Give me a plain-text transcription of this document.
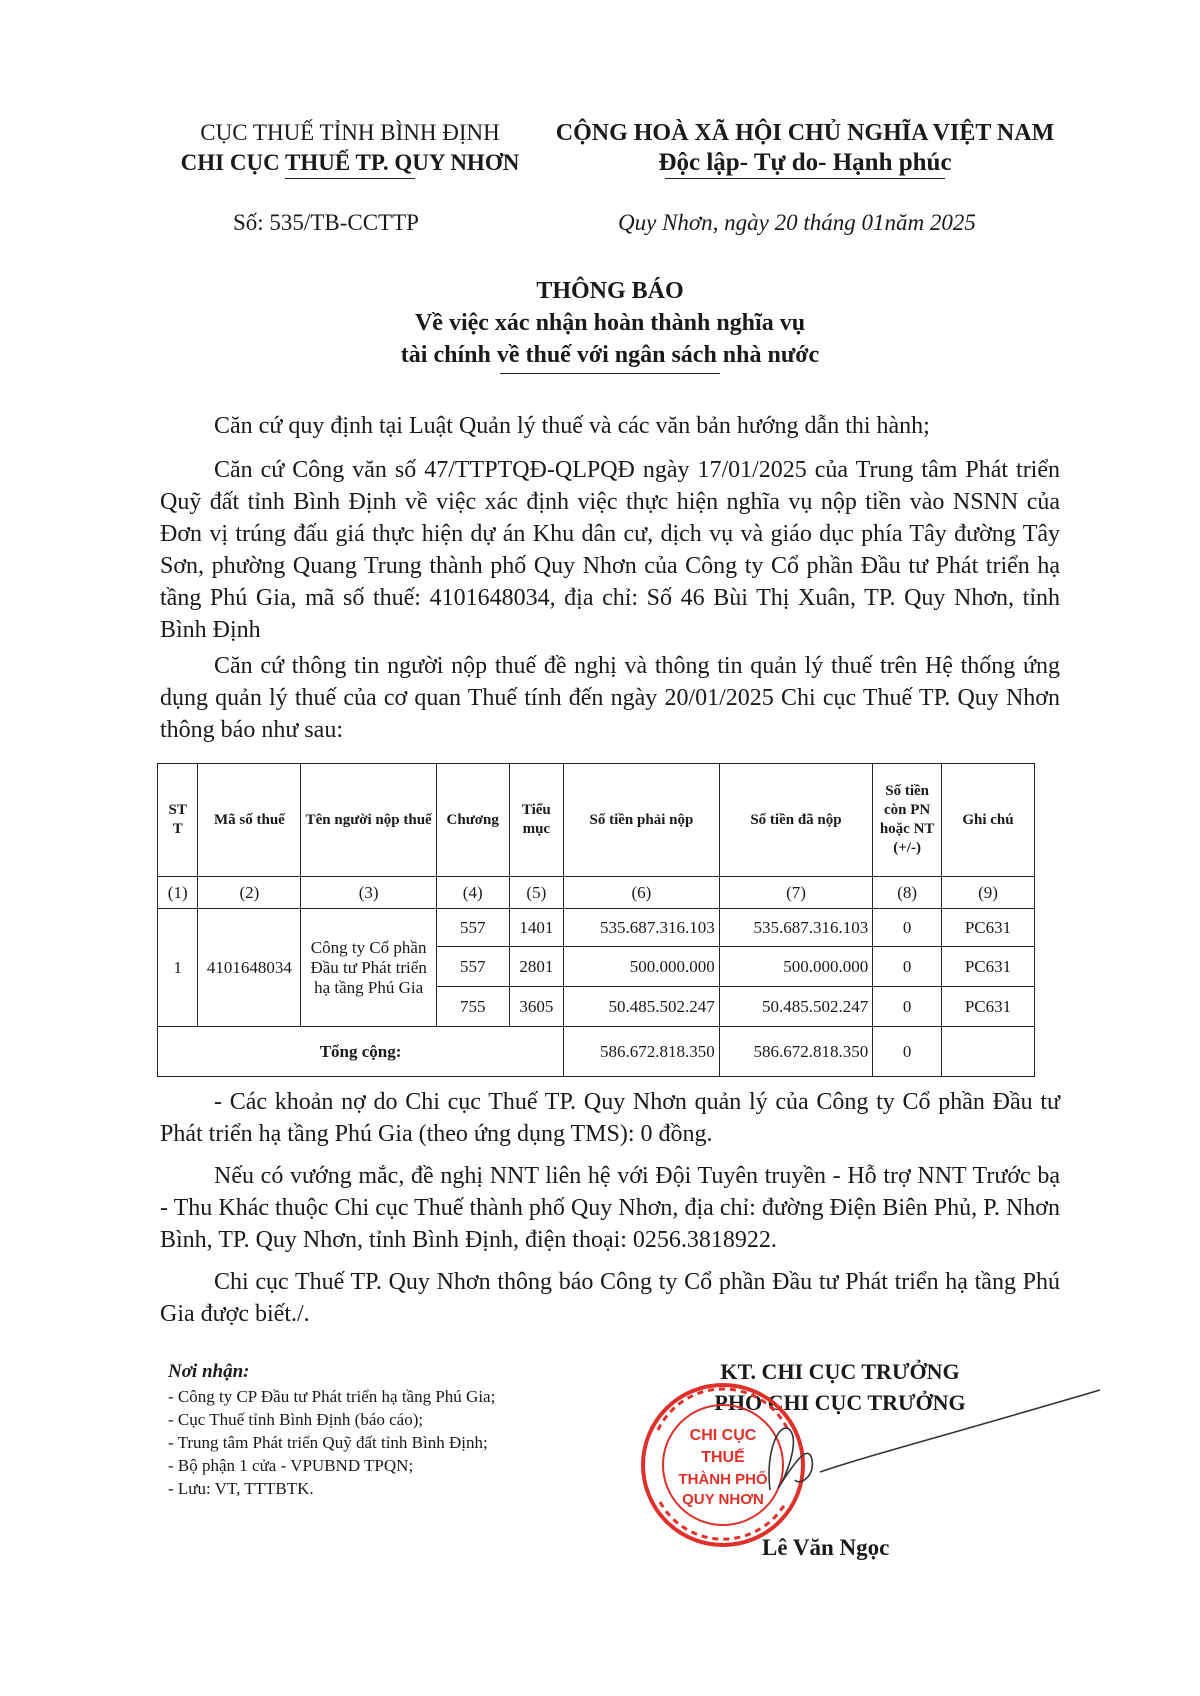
CỤC THUẾ TỈNH BÌNH ĐỊNH
CHI CỤC THUẾ TP. QUY NHƠN
CỘNG HOÀ XÃ HỘI CHỦ NGHĨA VIỆT NAM
Độc lập- Tự do- Hạnh phúc
Số: 535/TB-CCTTP	Quy Nhơn, ngày 20 tháng 01năm 2025
THÔNG BÁO
Về việc xác nhận hoàn thành nghĩa vụ
tài chính về thuế với ngân sách nhà nước
Căn cứ quy định tại Luật Quản lý thuế và các văn bản hướng dẫn thi hành;
Căn cứ Công văn số 47/TTPTQĐ-QLPQĐ ngày 17/01/2025 của Trung tâm Phát triển Quỹ đất tỉnh Bình Định về việc xác định việc thực hiện nghĩa vụ nộp tiền vào NSNN của Đơn vị trúng đấu giá thực hiện dự án Khu dân cư, dịch vụ và giáo dục phía Tây đường Tây Sơn, phường Quang Trung thành phố Quy Nhơn của Công ty Cổ phần Đầu tư Phát triển hạ tầng Phú Gia, mã số thuế: 4101648034, địa chỉ: Số 46 Bùi Thị Xuân, TP. Quy Nhơn, tỉnh Bình Định
Căn cứ thông tin người nộp thuế đề nghị và thông tin quản lý thuế trên Hệ thống ứng dụng quản lý thuế của cơ quan Thuế tính đến ngày 20/01/2025 Chi cục Thuế TP. Quy Nhơn thông báo như sau:
ST T	Mã số thuế	Tên người nộp thuế	Chương	Tiểu mục	Số tiền phải nộp	Số tiền đã nộp	Số tiền còn PN hoặc NT (+/-)	Ghi chú
(1)	(2)	(3)	(4)	(5)	(6)	(7)	(8)	(9)
1	4101648034	Công ty Cổ phần Đầu tư Phát triển hạ tầng Phú Gia	557	1401	535.687.316.103	535.687.316.103	0	PC631
			557	2801	500.000.000	500.000.000	0	PC631
			755	3605	50.485.502.247	50.485.502.247	0	PC631
Tổng cộng:					586.672.818.350	586.672.818.350	0	
- Các khoản nợ do Chi cục Thuế TP. Quy Nhơn quản lý của Công ty Cổ phần Đầu tư Phát triển hạ tầng Phú Gia (theo ứng dụng TMS): 0 đồng.
Nếu có vướng mắc, đề nghị NNT liên hệ với Đội Tuyên truyền - Hỗ trợ NNT Trước bạ - Thu Khác thuộc Chi cục Thuế thành phố Quy Nhơn, địa chỉ: đường Điện Biên Phủ, P. Nhơn Bình, TP. Quy Nhơn, tỉnh Bình Định, điện thoại: 0256.3818922.
Chi cục Thuế TP. Quy Nhơn thông báo Công ty Cổ phần Đầu tư Phát triển hạ tầng Phú Gia được biết./.
Nơi nhận:
- Công ty CP Đầu tư Phát triển hạ tầng Phú Gia;
- Cục Thuế tỉnh Bình Định (báo cáo);
- Trung tâm Phát triển Quỹ đất tỉnh Bình Định;
- Bộ phận 1 cửa - VPUBND TPQN;
- Lưu: VT, TTTBTK.
KT. CHI CỤC TRƯỞNG
PHÓ CHI CỤC TRƯỞNG
CHI CỤC
THUẾ
THÀNH PHỐ
QUY NHƠN
Lê Văn Ngọc
